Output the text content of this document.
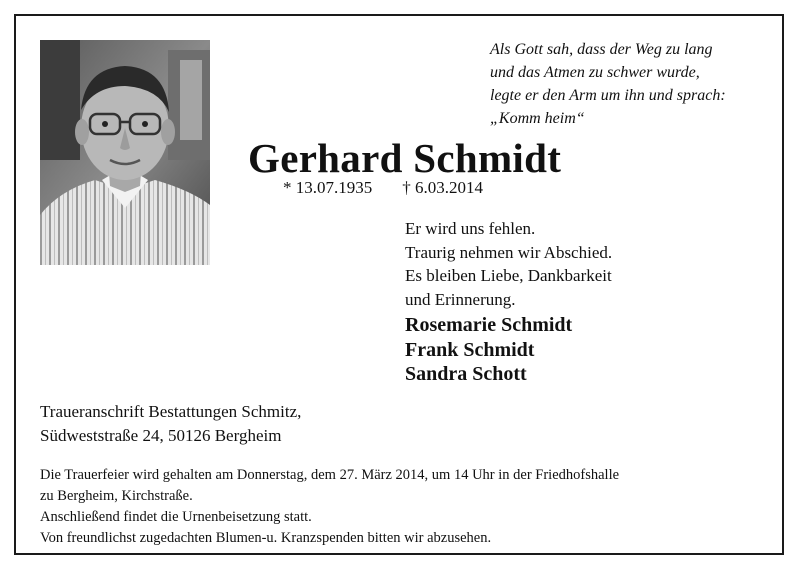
Als Gott sah, dass der Weg zu lang
und das Atmen zu schwer wurde,
legte er den Arm um ihn und sprach:
„Komm heim“
Gerhard Schmidt
* 13.07.1935 † 6.03.2014
Er wird uns fehlen.
Traurig nehmen wir Abschied.
Es bleiben Liebe, Dankbarkeit
und Erinnerung.
Rosemarie Schmidt
Frank Schmidt
Sandra Schott
Traueranschrift Bestattungen Schmitz,
Südweststraße 24, 50126 Bergheim
Die Trauerfeier wird gehalten am Donnerstag, dem 27. März 2014, um 14 Uhr in der Friedhofshalle
zu Bergheim, Kirchstraße.
Anschließend findet die Urnenbeisetzung statt.
Von freundlichst zugedachten Blumen-u. Kranzspenden bitten wir abzusehen.
